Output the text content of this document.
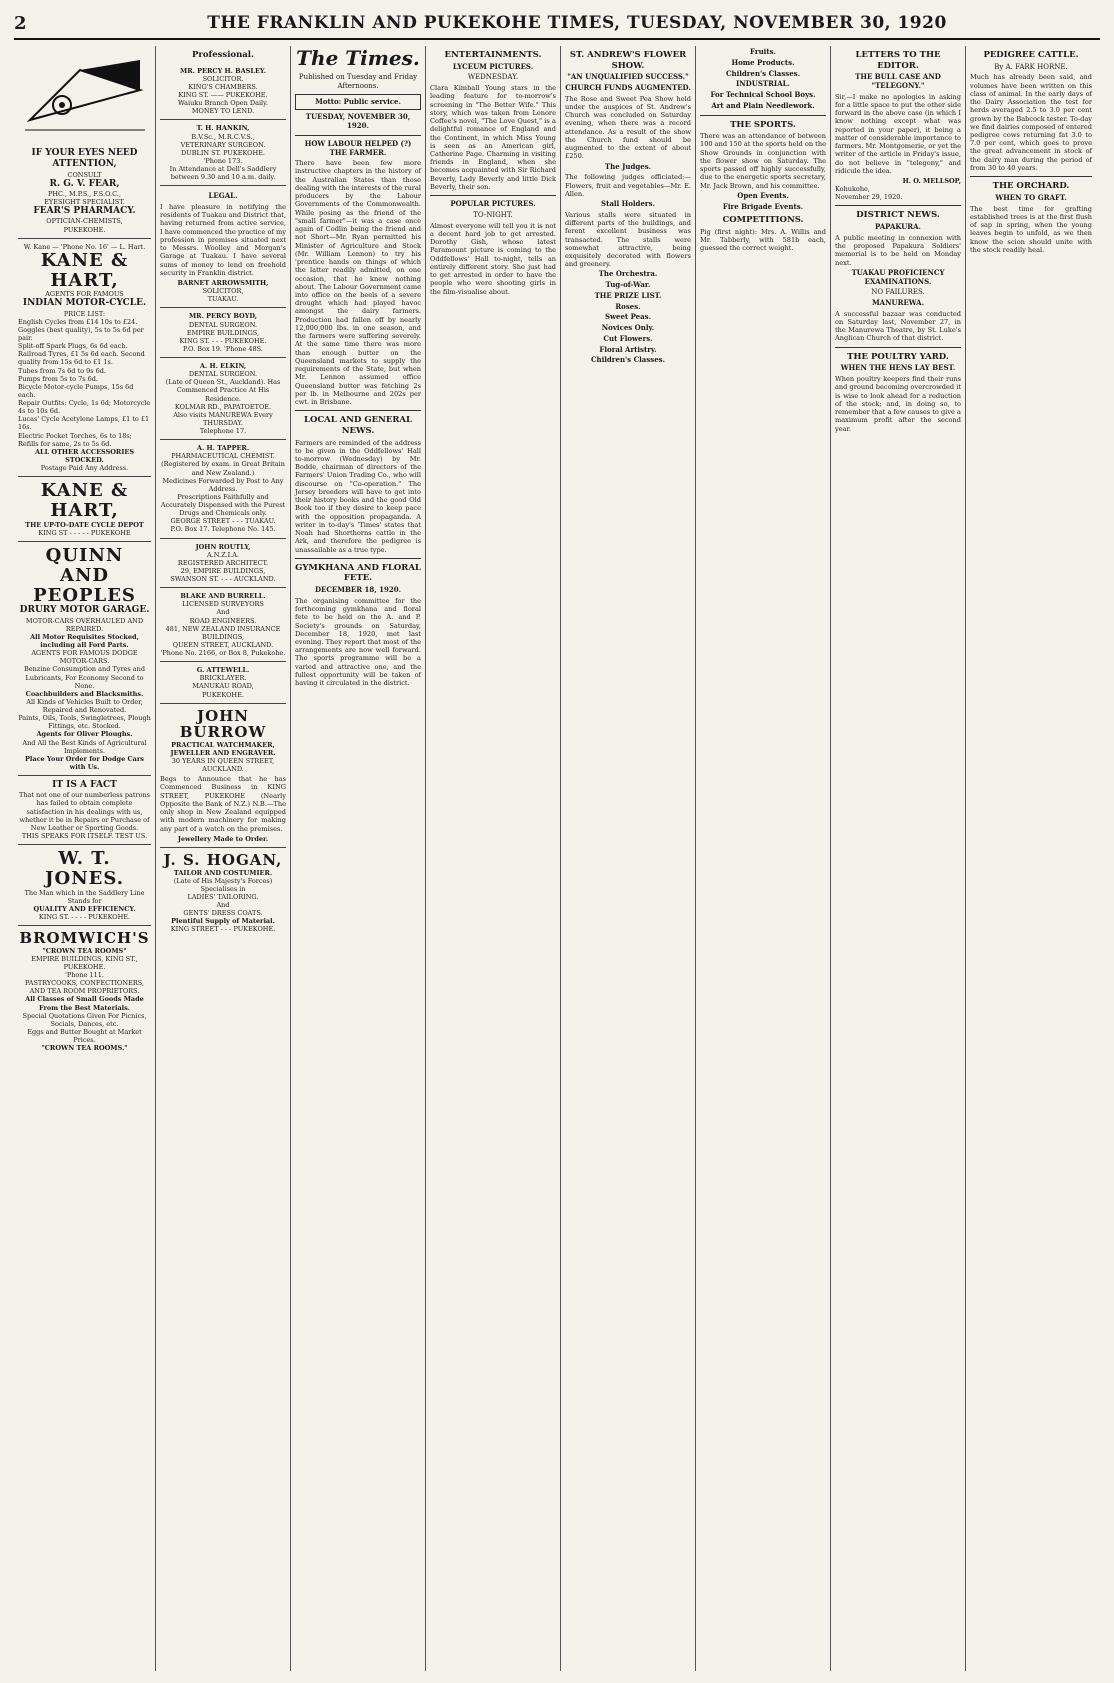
2	THE FRANKLIN AND PUKEKOHE TIMES, TUESDAY, NOVEMBER 30, 1920
IF YOUR EYES NEED ATTENTION,
CONSULT
R. G. V. FEAR,
PHC., M.P.S., F.S.O.C.,
EYESIGHT SPECIALIST.
FEAR'S PHARMACY.
OPTICIAN-CHEMISTS,
PUKEKOHE.
W. Kane — 'Phone No. 16' — L. Hart.
KANE & HART,
AGENTS FOR FAMOUS
INDIAN MOTOR-CYCLE.
PRICE LIST:
English Cycles from £14 10s to £24.
Goggles (best quality), 5s to 5s 6d per pair.
Split-off Spark Plugs, 6s 6d each.
Railroad Tyres, £1 5s 6d each. Second quality from 15s 6d to £1 1s.
Tubes from 7s 6d to 9s 6d.
Pumps from 5s to 7s 6d.
Bicycle Motor-cycle Pumps, 15s 6d each.
Repair Outfits: Cycle, 1s 6d; Motorcycle 4s to 10s 6d.
Lucas' Cycle Acetylene Lamps, £1 to £1 16s.
Electric Pocket Torches, 6s to 18s; Refills for same, 2s to 5s 6d.
ALL OTHER ACCESSORIES STOCKED.
Postage Paid Any Address.
KANE & HART,
THE UP-TO-DATE CYCLE DEPOT
KING ST - - - - - PUKEKOHE
QUINN AND PEOPLES
DRURY MOTOR GARAGE.
MOTOR-CARS OVERHAULED AND REPAIRED.
All Motor Requisites Stocked, including all Ford Parts.
AGENTS FOR FAMOUS DODGE MOTOR-CARS.
Benzine Consumption and Tyres and Lubricants, For Economy Second to None.
Coachbuilders and Blacksmiths.
All Kinds of Vehicles Built to Order, Repaired and Renovated.
Paints, Oils, Tools, Swingletrees, Plough Fittings, etc. Stocked.
Agents for Oliver Ploughs.
And All the Best Kinds of Agricultural Implements.
Place Your Order for Dodge Cars with Us.
IT IS A FACT
That not one of our numberless patrons has failed to obtain complete satisfaction in his dealings with us, whether it be in Repairs or Purchase of New Leather or Sporting Goods.
THIS SPEAKS FOR ITSELF. TEST US.
W. T. JONES.
The Man which in the Saddlery Line Stands for
QUALITY AND EFFICIENCY.
KING ST. - - - - PUKEKOHE.
BROMWICH'S
"CROWN TEA ROOMS"
EMPIRE BUILDINGS, KING ST., PUKEKOHE.
'Phone 111.
PASTRYCOOKS, CONFECTIONERS, AND TEA ROOM PROPRIETORS.
All Classes of Small Goods Made From the Best Materials.
Special Quotations Given For Picnics, Socials, Dances, etc.
Eggs and Butter Bought at Market Prices.
"CROWN TEA ROOMS."
Professional.
MR. PERCY H. BASLEY.
SOLICITOR.
KING'S CHAMBERS.
KING ST. —— PUKEKOHE.
Waiuku Branch Open Daily.
MONEY TO LEND.
T. H. HANKIN,
B.V.Sc., M.R.C.V.S.,
VETERINARY SURGEON.
DUBLIN ST. PUKEKOHE.
'Phone 173.
In Attendance at Dell's Saddlery between 9.30 and 10 a.m. daily.
LEGAL.
I have pleasure in notifying the residents of Tuakau and District that, having returned from active service, I have commenced the practice of my profession in premises situated next to Messrs. Woolley and Morgan's Garage at Tuakau. I have several sums of money to lend on freehold security in Franklin district.
BARNET ARROWSMITH,
SOLICITOR,
TUAKAU.
MR. PERCY BOYD,
DENTAL SURGEON.
EMPIRE BUILDINGS,
KING ST. - - - PUKEKOHE.
P.O. Box 19. 'Phone 48S.
A. H. ELKIN,
DENTAL SURGEON.
(Late of Queen St., Auckland). Has Commenced Practice At His Residence.
KOLMAR RD., PAPATOETOE.
Also visits MANUREWA Every THURSDAY.
Telephone 17.
A. H. TAPPER.
PHARMACEUTICAL CHEMIST.
(Registered by exam. in Great Britain and New Zealand.)
Medicines Forwarded by Post to Any Address.
Prescriptions Faithfully and Accurately Dispensed with the Purest Drugs and Chemicals only.
GEORGE STREET - - - TUAKAU.
P.O. Box 17. Telephone No. 145.
JOHN ROUTLY,
A.N.Z.I.A.
REGISTERED ARCHITECT.
29, EMPIRE BUILDINGS,
SWANSON ST. - - - AUCKLAND.
BLAKE AND BURRELL.
LICENSED SURVEYORS
And
ROAD ENGINEERS.
481, NEW ZEALAND INSURANCE BUILDINGS,
QUEEN STREET, AUCKLAND.
'Phone No. 2166, or Box 8, Pukekohe.
G. ATTEWELL.
BRICKLAYER.
MANUKAU ROAD,
PUKEKOHE.
JOHN BURROW
PRACTICAL WATCHMAKER, JEWELLER AND ENGRAVER.
30 YEARS IN QUEEN STREET, AUCKLAND.
Begs to Announce that he has Commenced Business in KING STREET, PUKEKOHE (Nearly Opposite the Bank of N.Z.) N.B.—The only shop in New Zealand equipped with modern machinery for making any part of a watch on the premises.
Jewellery Made to Order.
J. S. HOGAN,
TAILOR AND COSTUMIER.
(Late of His Majesty's Forces)
Specialises in
LADIES' TAILORING.
And
GENTS' DRESS COATS.
Plentiful Supply of Material.
KING STREET - - - PUKEKOHE.
The Times.
Published on Tuesday and Friday Afternoons.
Motto: Public service.
TUESDAY, NOVEMBER 30, 1920.
HOW LABOUR HELPED (?) THE FARMER.
There have been few more instructive chapters in the history of the Australian States than those dealing with the interests of the rural producers by the Labour Governments of the Commonwealth. While posing as the friend of the "small farmer"—it was a case once again of Codlin being the friend and not Short—Mr. Ryan permitted his Minister of Agriculture and Stock (Mr. William Lennon) to try his 'prentice hands on things of which the latter readily admitted, on one occasion, that he knew nothing about. The Labour Government came into office on the heels of a severe drought which had played havoc amongst the dairy farmers. Production had fallen off by nearly 12,000,000 lbs. in one season, and the farmers were suffering severely. At the same time there was more than enough butter on the Queensland markets to supply the requirements of the State, but when Mr. Lennon assumed office Queensland butter was fetching 2s per lb. in Melbourne and 202s per cwt. in Brisbane.
LOCAL AND GENERAL NEWS.
Farmers are reminded of the address to be given in the Oddfellows' Hall to-morrow (Wednesday) by Mr. Bodde, chairman of directors of the Farmers' Union Trading Co., who will discourse on "Co-operation." The Jersey breeders will have to get into their history books and the good Old Book too if they desire to keep pace with the opposition propaganda. A writer in to-day's 'Times' states that Noah had Shorthorns cattle in the Ark, and therefore the pedigree is unassailable as a true type.
GYMKHANA AND FLORAL FETE.
DECEMBER 18, 1920.
The organising committee for the forthcoming gymkhana and floral fete to be held on the A. and P. Society's grounds on Saturday, December 18, 1920, met last evening. They report that most of the arrangements are now well forward. The sports programme will be a varied and attractive one, and the fullest opportunity will be taken of having it circulated in the district.
ENTERTAINMENTS.
LYCEUM PICTURES.
WEDNESDAY.
Clara Kimball Young stars in the leading feature for to-morrow's screening in "The Better Wife." This story, which was taken from Lenore Coffee's novel, "The Love Quest," is a delightful romance of England and the Continent, in which Miss Young is seen as an American girl, Catherine Page. Charming in visiting friends in England, when she becomes acquainted with Sir Richard Beverly, Lady Beverly and little Dick Beverly, their son.
POPULAR PICTURES.
TO-NIGHT.
Almost everyone will tell you it is not a decent hard job to get arrested. Dorothy Gish, whose latest Paramount picture is coming to the Oddfellows' Hall to-night, tells an entirely different story. She just had to get arrested in order to have the people who were shooting girls in the film-visualise about.
ST. ANDREW'S FLOWER SHOW.
"AN UNQUALIFIED SUCCESS."
CHURCH FUNDS AUGMENTED.
The Rose and Sweet Pea Show held under the auspices of St. Andrew's Church was concluded on Saturday evening, when there was a record attendance. As a result of the show the Church fund should be augmented to the extent of about £250.
The Judges.
The following judges officiated:—Flowers, fruit and vegetables—Mr. E. Allen.
Stall Holders.
Various stalls were situated in different parts of the buildings, and ferent excellent business was transacted. The stalls were somewhat attractive, being exquisitely decorated with flowers and greenery.
The Orchestra.
Tug-of-War.
THE PRIZE LIST.
Roses.
Sweet Peas.
Novices Only.
Cut Flowers.
Floral Artistry.
Children's Classes.
Fruits.
Home Products.
Children's Classes.
INDUSTRIAL.
For Technical School Boys.
Art and Plain Needlework.
THE SPORTS.
There was an attendance of between 100 and 150 at the sports held on the Show Grounds in conjunction with the flower show on Saturday. The sports passed off highly successfully, due to the energetic sports secretary, Mr. Jack Brown, and his committee.
Open Events.
Fire Brigade Events.
COMPETITIONS.
Pig (first night): Mrs. A. Willis and Mr. Tabberly, with 581b each, guessed the correct weight.
LETTERS TO THE EDITOR.
THE BULL CASE AND "TELEGONY."
Sir,—I make no apologies in asking for a little space to put the other side forward in the above case (in which I know nothing except what was reported in your paper), it being a matter of considerable importance to farmers. Mr. Montgomerie, or yet the writer of the article in Friday's issue, do not believe in "telegony," and ridicule the idea.
H. O. MELLSOP,
Kohukohe,
November 29, 1920.
DISTRICT NEWS.
PAPAKURA.
A public meeting in connexion with the proposed Papakura Soldiers' memorial is to be held on Monday next.
TUAKAU PROFICIENCY EXAMINATIONS.
NO FAILURES.
MANUREWA.
A successful bazaar was conducted on Saturday last, November 27, in the Manurewa Theatre, by St. Luke's Anglican Church of that district.
THE POULTRY YARD.
WHEN THE HENS LAY BEST.
When poultry keepers find their runs and ground becoming overcrowded it is wise to look ahead for a reduction of the stock; and, in doing so, to remember that a few causes to give a maximum profit after the second year.
PEDIGREE CATTLE.
By A. FARK HORNE.
Much has already been said, and volumes have been written on this class of animal. In the early days of the Dairy Association the test for herds averaged 2.5 to 3.0 per cent grown by the Babcock tester. To-day we find dairies composed of entered pedigree cows returning fat 3.0 to 7.0 per cent, which goes to prove the great advancement in stock of the dairy man during the period of from 30 to 40 years.
THE ORCHARD.
WHEN TO GRAFT.
The best time for grafting established trees is at the first flush of sap in spring, when the young leaves begin to unfold, as we then know the scion should unite with the stock readily heal.
